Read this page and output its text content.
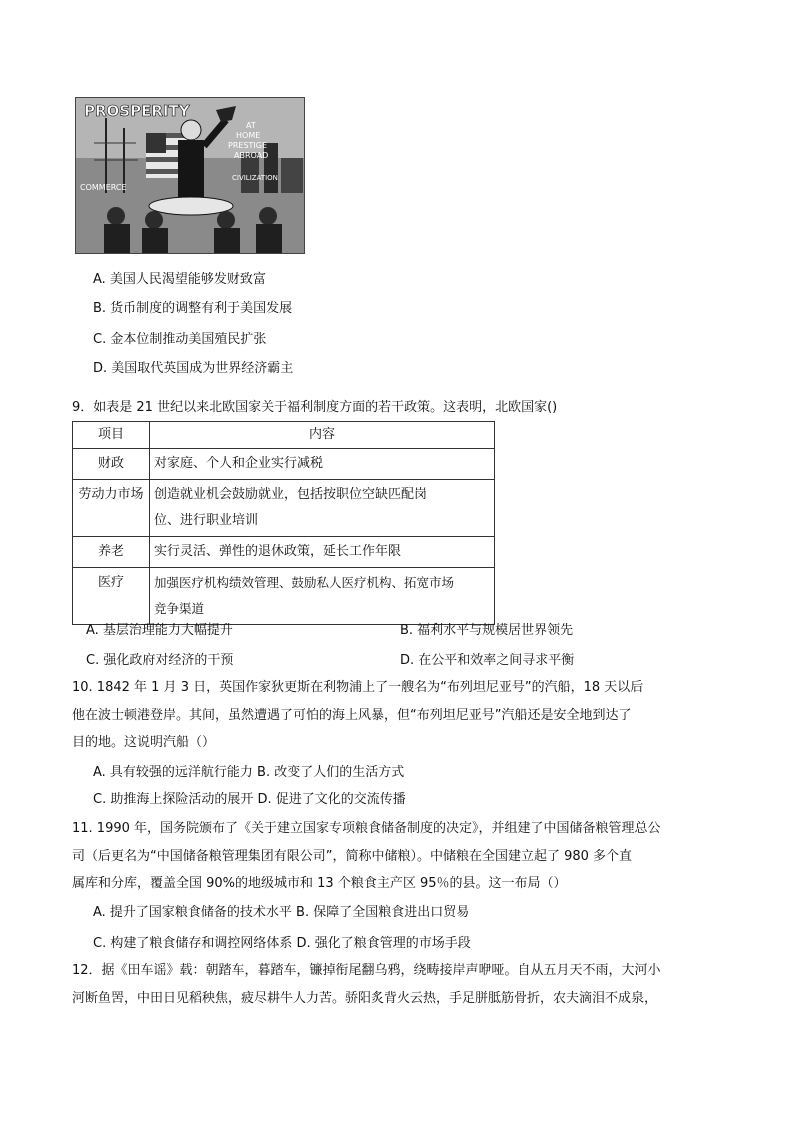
PROSPERITY
AT
HOME
PRESTIGE
ABROAD
COMMERCE
CIVILIZATION
A. 美国人民渴望能够发财致富
B. 货币制度的调整有利于美国发展
C. 金本位制推动美国殖民扩张
D. 美国取代英国成为世界经济霸主
9．如表是 21 世纪以来北欧国家关于福利制度方面的若干政策。这表明，北欧国家()
项目	内容
财政	对家庭、个人和企业实行减税
劳动力市场	创造就业机会鼓励就业，包括按职位空缺匹配岗
位、进行职业培训

养老	实行灵活、弹性的退休政策，延长工作年限
医疗	加强医疗机构绩效管理、鼓励私人医疗机构、拓宽市场
竞争渠道
A. 基层治理能力大幅提升	B. 福利水平与规模居世界领先
C. 强化政府对经济的干预	D. 在公平和效率之间寻求平衡
10. 1842 年 1 月 3 日，英国作家狄更斯在利物浦上了一艘名为“布列坦尼亚号”的汽船，18 天以后
他在波士顿港登岸。其间，虽然遭遇了可怕的海上风暴，但“布列坦尼亚号”汽船还是安全地到达了
目的地。这说明汽船（）
A. 具有较强的远洋航行能力 B. 改变了人们的生活方式
C. 助推海上探险活动的展开 D. 促进了文化的交流传播
11. 1990 年，国务院颁布了《关于建立国家专项粮食储备制度的决定》，并组建了中国储备粮管理总公
司（后更名为“中国储备粮管理集团有限公司”，简称中储粮）。中储粮在全国建立起了 980 多个直
属库和分库，覆盖全国 90%的地级城市和 13 个粮食主产区 95％的县。这一布局（）
A. 提升了国家粮食储备的技术水平 B. 保障了全国粮食进出口贸易
C. 构建了粮食储存和调控网络体系 D. 强化了粮食管理的市场手段
12．据《田车谣》载：朝踏车，暮踏车，镰掉衔尾翻乌鸦，绕畴接岸声咿哑。自从五月天不雨，大河小
河断鱼罟，中田日见稻秧焦，疲尽耕牛人力苦。骄阳炙背火云热，手足胼胝筋骨折，农夫滴泪不成泉，
